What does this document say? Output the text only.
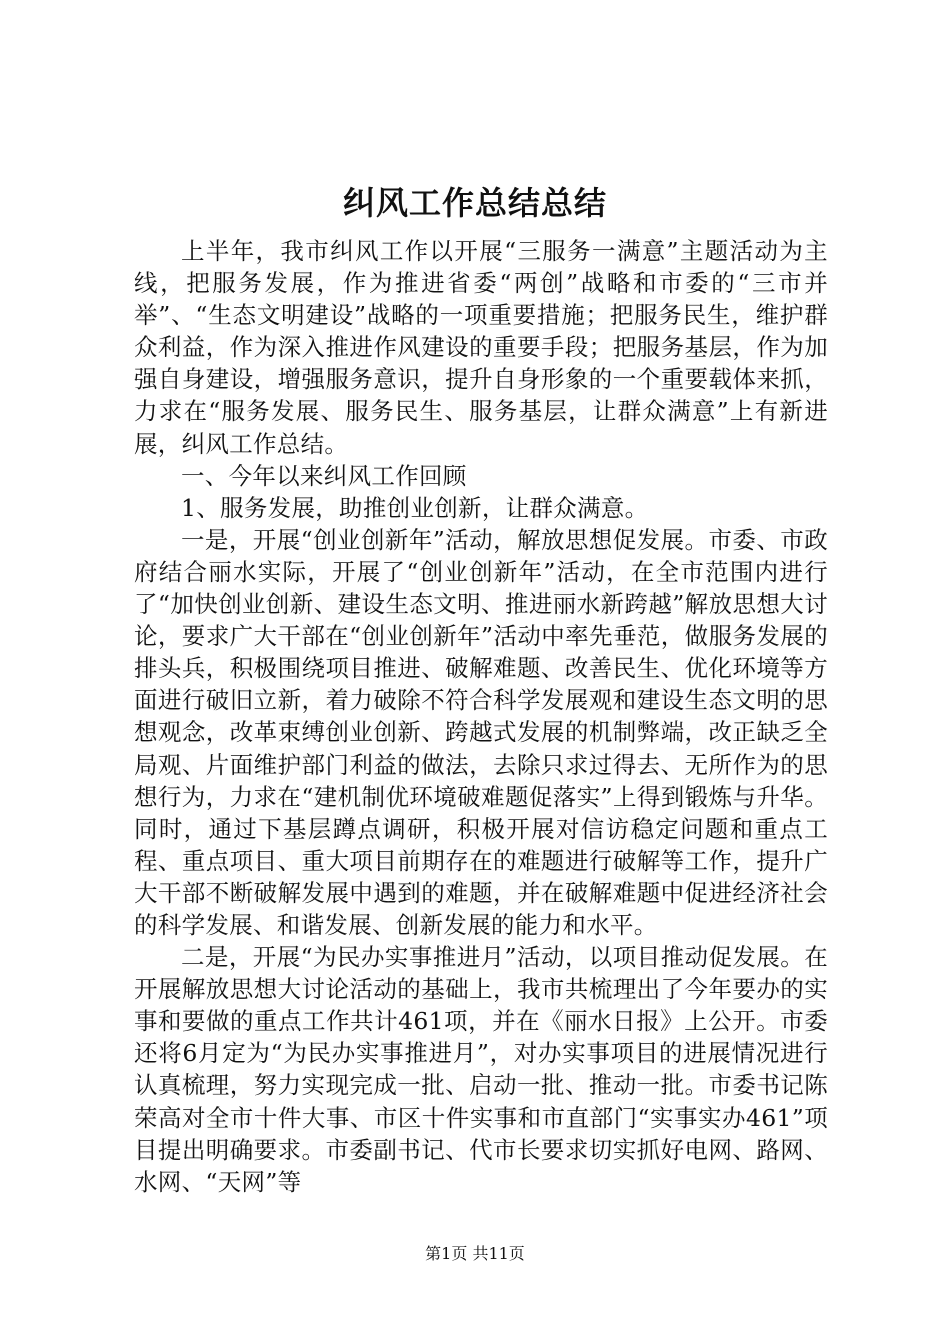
纠风工作总结总结

上半年，我市纠风工作以开展“三服务一满意”主题活动为主线，把服务发展，作为推进省委“两创”战略和市委的“三市并举”、“生态文明建设”战略的一项重要措施；把服务民生，维护群众利益，作为深入推进作风建设的重要手段；把服务基层，作为加强自身建设，增强服务意识，提升自身形象的一个重要载体来抓，力求在“服务发展、服务民生、服务基层，让群众满意”上有新进展，纠风工作总结。

一、今年以来纠风工作回顾

1、服务发展，助推创业创新，让群众满意。

一是，开展“创业创新年”活动，解放思想促发展。市委、市政府结合丽水实际，开展了“创业创新年”活动，在全市范围内进行了“加快创业创新、建设生态文明、推进丽水新跨越”解放思想大讨论，要求广大干部在“创业创新年”活动中率先垂范，做服务发展的排头兵，积极围绕项目推进、破解难题、改善民生、优化环境等方面进行破旧立新，着力破除不符合科学发展观和建设生态文明的思想观念，改革束缚创业创新、跨越式发展的机制弊端，改正缺乏全局观、片面维护部门利益的做法，去除只求过得去、无所作为的思想行为，力求在“建机制优环境破难题促落实”上得到锻炼与升华。同时，通过下基层蹲点调研，积极开展对信访稳定问题和重点工程、重点项目、重大项目前期存在的难题进行破解等工作，提升广大干部不断破解发展中遇到的难题，并在破解难题中促进经济社会的科学发展、和谐发展、创新发展的能力和水平。

二是，开展“为民办实事推进月”活动，以项目推动促发展。在开展解放思想大讨论活动的基础上，我市共梳理出了今年要办的实事和要做的重点工作共计461项，并在《丽水日报》上公开。市委还将6月定为“为民办实事推进月”，对办实事项目的进展情况进行认真梳理，努力实现完成一批、启动一批、推动一批。市委书记陈荣高对全市十件大事、市区十件实事和市直部门“实事实办461”项目提出明确要求。市委副书记、代市长要求切实抓好电网、路网、水网、“天网”等

第1页 共11页
